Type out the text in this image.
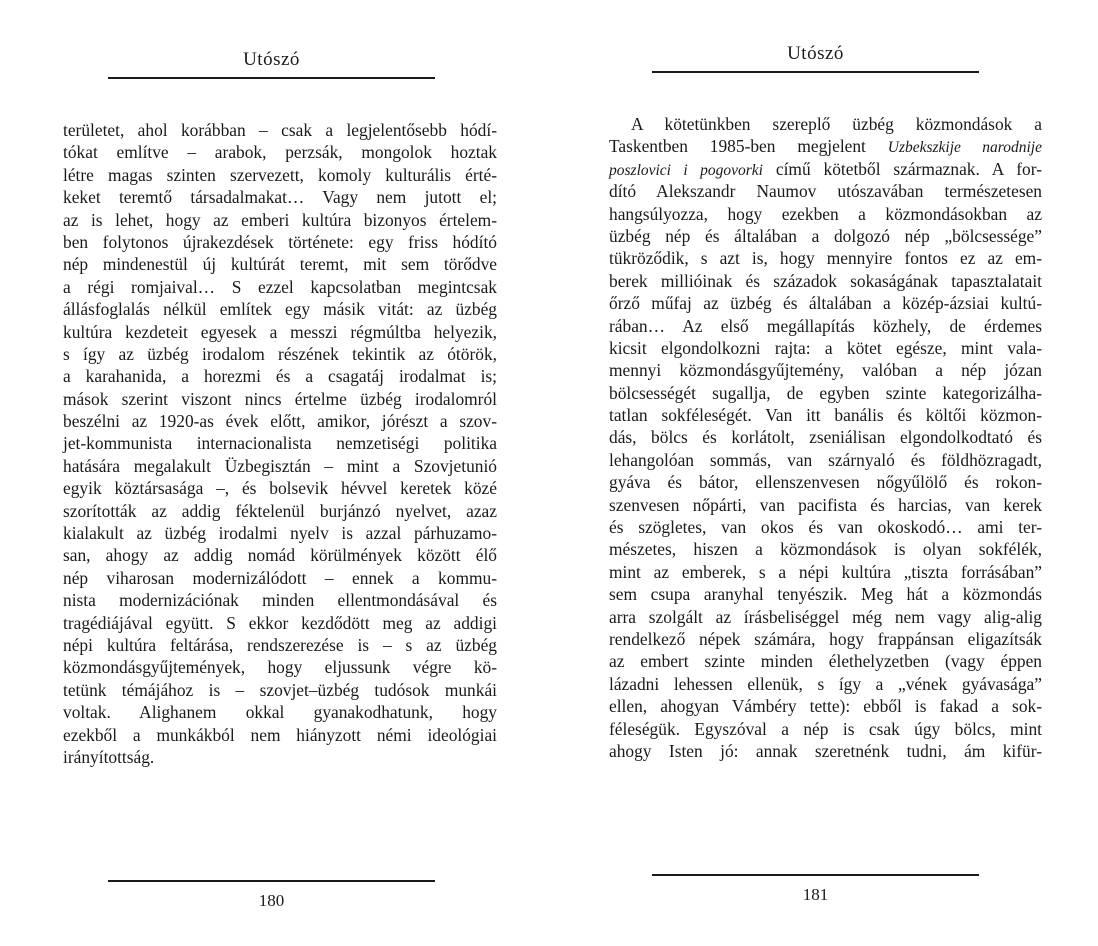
Utószó
területet, ahol korábban – csak a legjelentősebb hódí-
tókat említve – arabok, perzsák, mongolok hoztak
létre magas szinten szervezett, komoly kulturális érté-
keket teremtő társadalmakat… Vagy nem jutott el;
az is lehet, hogy az emberi kultúra bizonyos értelem-
ben folytonos újrakezdések története: egy friss hódító
nép mindenestül új kultúrát teremt, mit sem törődve
a régi romjaival… S ezzel kapcsolatban megintcsak
állásfoglalás nélkül említek egy másik vitát: az üzbég
kultúra kezdeteit egyesek a messzi régmúltba helyezik,
s így az üzbég irodalom részének tekintik az ótörök,
a karahanida, a horezmi és a csagatáj irodalmat is;
mások szerint viszont nincs értelme üzbég irodalomról
beszélni az 1920-as évek előtt, amikor, jórészt a szov-
jet-kommunista internacionalista nemzetiségi politika
hatására megalakult Üzbegisztán – mint a Szovjetunió
egyik köztársasága –, és bolsevik hévvel keretek közé
szorították az addig féktelenül burjánzó nyelvet, azaz
kialakult az üzbég irodalmi nyelv is azzal párhuzamo-
san, ahogy az addig nomád körülmények között élő
nép viharosan modernizálódott – ennek a kommu-
nista modernizációnak minden ellentmondásával és
tragédiájával együtt. S ekkor kezdődött meg az addigi
népi kultúra feltárása, rendszerezése is – s az üzbég
közmondásgyűjtemények, hogy eljussunk végre kö-
tetünk témájához is – szovjet–üzbég tudósok munkái
voltak. Alighanem okkal gyanakodhatunk, hogy
ezekből a munkákból nem hiányzott némi ideológiai
irányítottság.
180
Utószó
A kötetünkben szereplő üzbég közmondások a
Taskentben 1985-ben megjelent Uzbekszkije narodnije
poszlovici i pogovorki című kötetből származnak. A for-
dító Alekszandr Naumov utószavában természetesen
hangsúlyozza, hogy ezekben a közmondásokban az
üzbég nép és általában a dolgozó nép „bölcsessége”
tükröződik, s azt is, hogy mennyire fontos ez az em-
berek millióinak és századok sokaságának tapasztalatait
őrző műfaj az üzbég és általában a közép-ázsiai kultú-
rában… Az első megállapítás közhely, de érdemes
kicsit elgondolkozni rajta: a kötet egésze, mint vala-
mennyi közmondásgyűjtemény, valóban a nép józan
bölcsességét sugallja, de egyben szinte kategorizálha-
tatlan sokféleségét. Van itt banális és költői közmon-
dás, bölcs és korlátolt, zseniálisan elgondolkodtató és
lehangolóan sommás, van szárnyaló és földhözragadt,
gyáva és bátor, ellenszenvesen nőgyűlölő és rokon-
szenvesen nőpárti, van pacifista és harcias, van kerek
és szögletes, van okos és van okoskodó… ami ter-
mészetes, hiszen a közmondások is olyan sokfélék,
mint az emberek, s a népi kultúra „tiszta forrásában”
sem csupa aranyhal tenyészik. Meg hát a közmondás
arra szolgált az írásbeliséggel még nem vagy alig-alig
rendelkező népek számára, hogy frappánsan eligazítsák
az embert szinte minden élethelyzetben (vagy éppen
lázadni lehessen ellenük, s így a „vének gyávasága”
ellen, ahogyan Vámbéry tette): ebből is fakad a sok-
féleségük. Egyszóval a nép is csak úgy bölcs, mint
ahogy Isten jó: annak szeretnénk tudni, ám kifür-
181
